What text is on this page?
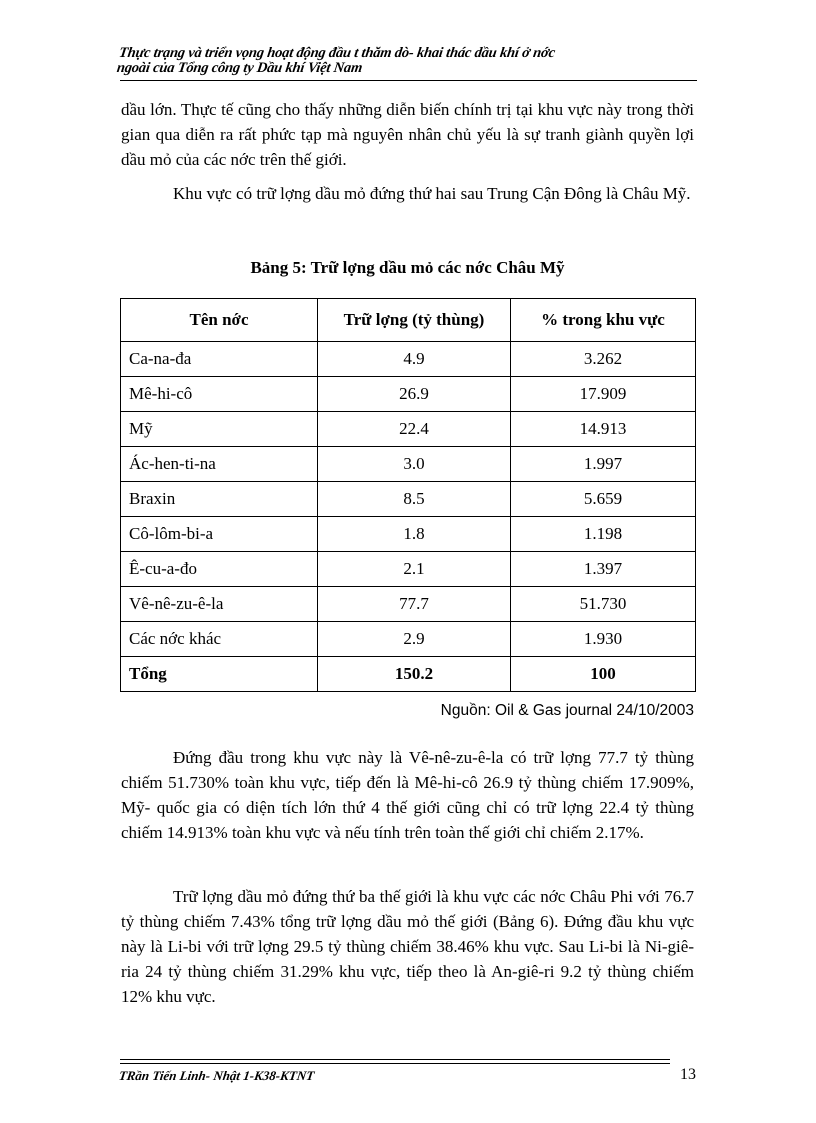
Thực trạng và triển vọng hoạt động đầu t thăm dò- khai thác dầu khí ở nớc
ngoài của Tổng công ty Dầu khí Việt Nam

dầu lớn. Thực tế cũng cho thấy những diễn biến chính trị tại khu vực này trong thời gian qua diễn ra rất phức tạp mà nguyên nhân chủ yếu là sự tranh giành quyền lợi dầu mỏ của các nớc trên thế giới.

Khu vực có trữ lợng dầu mỏ đứng thứ hai sau Trung Cận Đông là Châu Mỹ.

Bảng 5: Trữ lợng dầu mỏ các nớc Châu Mỹ

Tên nớc	Trữ lợng (tỷ thùng)	% trong khu vực
Ca-na-đa	4.9	3.262
Mê-hi-cô	26.9	17.909
Mỹ	22.4	14.913
Ác-hen-ti-na	3.0	1.997
Braxin	8.5	5.659
Cô-lôm-bi-a	1.8	1.198
Ê-cu-a-đo	2.1	1.397
Vê-nê-zu-ê-la	77.7	51.730
Các nớc khác	2.9	1.930
Tổng	150.2	100

Nguồn: Oil & Gas journal 24/10/2003

Đứng đầu trong khu vực này là Vê-nê-zu-ê-la có trữ lợng 77.7 tỷ thùng chiếm 51.730% toàn khu vực, tiếp đến là Mê-hi-cô 26.9 tỷ thùng chiếm 17.909%, Mỹ- quốc gia có diện tích lớn thứ 4 thế giới cũng chỉ có trữ lợng 22.4 tỷ thùng chiếm 14.913% toàn khu vực và nếu tính trên toàn thế giới chỉ chiếm 2.17%.

Trữ lợng dầu mỏ đứng thứ ba thế giới là khu vực các nớc Châu Phi với 76.7 tỷ thùng chiếm 7.43% tổng trữ lợng dầu mỏ thế giới (Bảng 6). Đứng đầu khu vực này là Li-bi với trữ lợng 29.5 tỷ thùng chiếm 38.46% khu vực. Sau Li-bi là Ni-giê-ria 24 tỷ thùng chiếm 31.29% khu vực, tiếp theo là An-giê-ri 9.2 tỷ thùng chiếm 12% khu vực.

TRần Tiến Linh- Nhật 1-K38-KTNT	13
